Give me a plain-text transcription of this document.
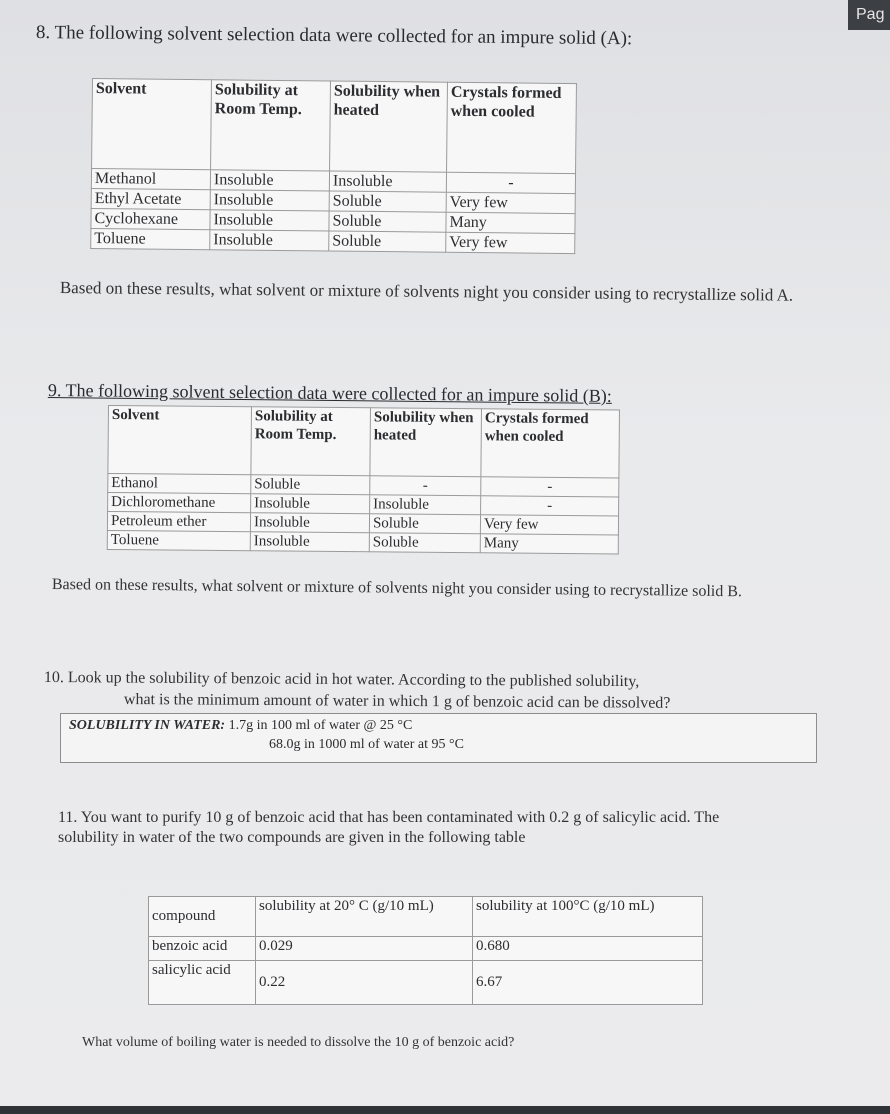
8. The following solvent selection data were collected for an impure solid (A):
Solvent	Solubility at Room Temp.	Solubility when heated	Crystals formed when cooled
Methanol	Insoluble	Insoluble	-
Ethyl Acetate	Insoluble	Soluble	Very few
Cyclohexane	Insoluble	Soluble	Many
Toluene	Insoluble	Soluble	Very few
Based on these results, what solvent or mixture of solvents night you consider using to recrystallize solid A.
9. The following solvent selection data were collected for an impure solid (B):
Solvent	Solubility at Room Temp.	Solubility when heated	Crystals formed when cooled
Ethanol	Soluble	-	-
Dichloromethane	Insoluble	Insoluble	-
Petroleum ether	Insoluble	Soluble	Very few
Toluene	Insoluble	Soluble	Many
Based on these results, what solvent or mixture of solvents night you consider using to recrystallize solid B.
10. Look up the solubility of benzoic acid in hot water. According to the published solubility,
what is the minimum amount of water in which 1 g of benzoic acid can be dissolved?
SOLUBILITY IN WATER: 1.7g in 100 ml of water @ 25 °C
68.0g in 1000 ml of water at 95 °C
11. You want to purify 10 g of benzoic acid that has been contaminated with 0.2 g of salicylic acid. The solubility in water of the two compounds are given in the following table
compound	solubility at 20° C (g/10 mL)	solubility at 100°C (g/10 mL)
benzoic acid	0.029	0.680
salicylic acid	0.22	6.67
What volume of boiling water is needed to dissolve the 10 g of benzoic acid?
Pag
